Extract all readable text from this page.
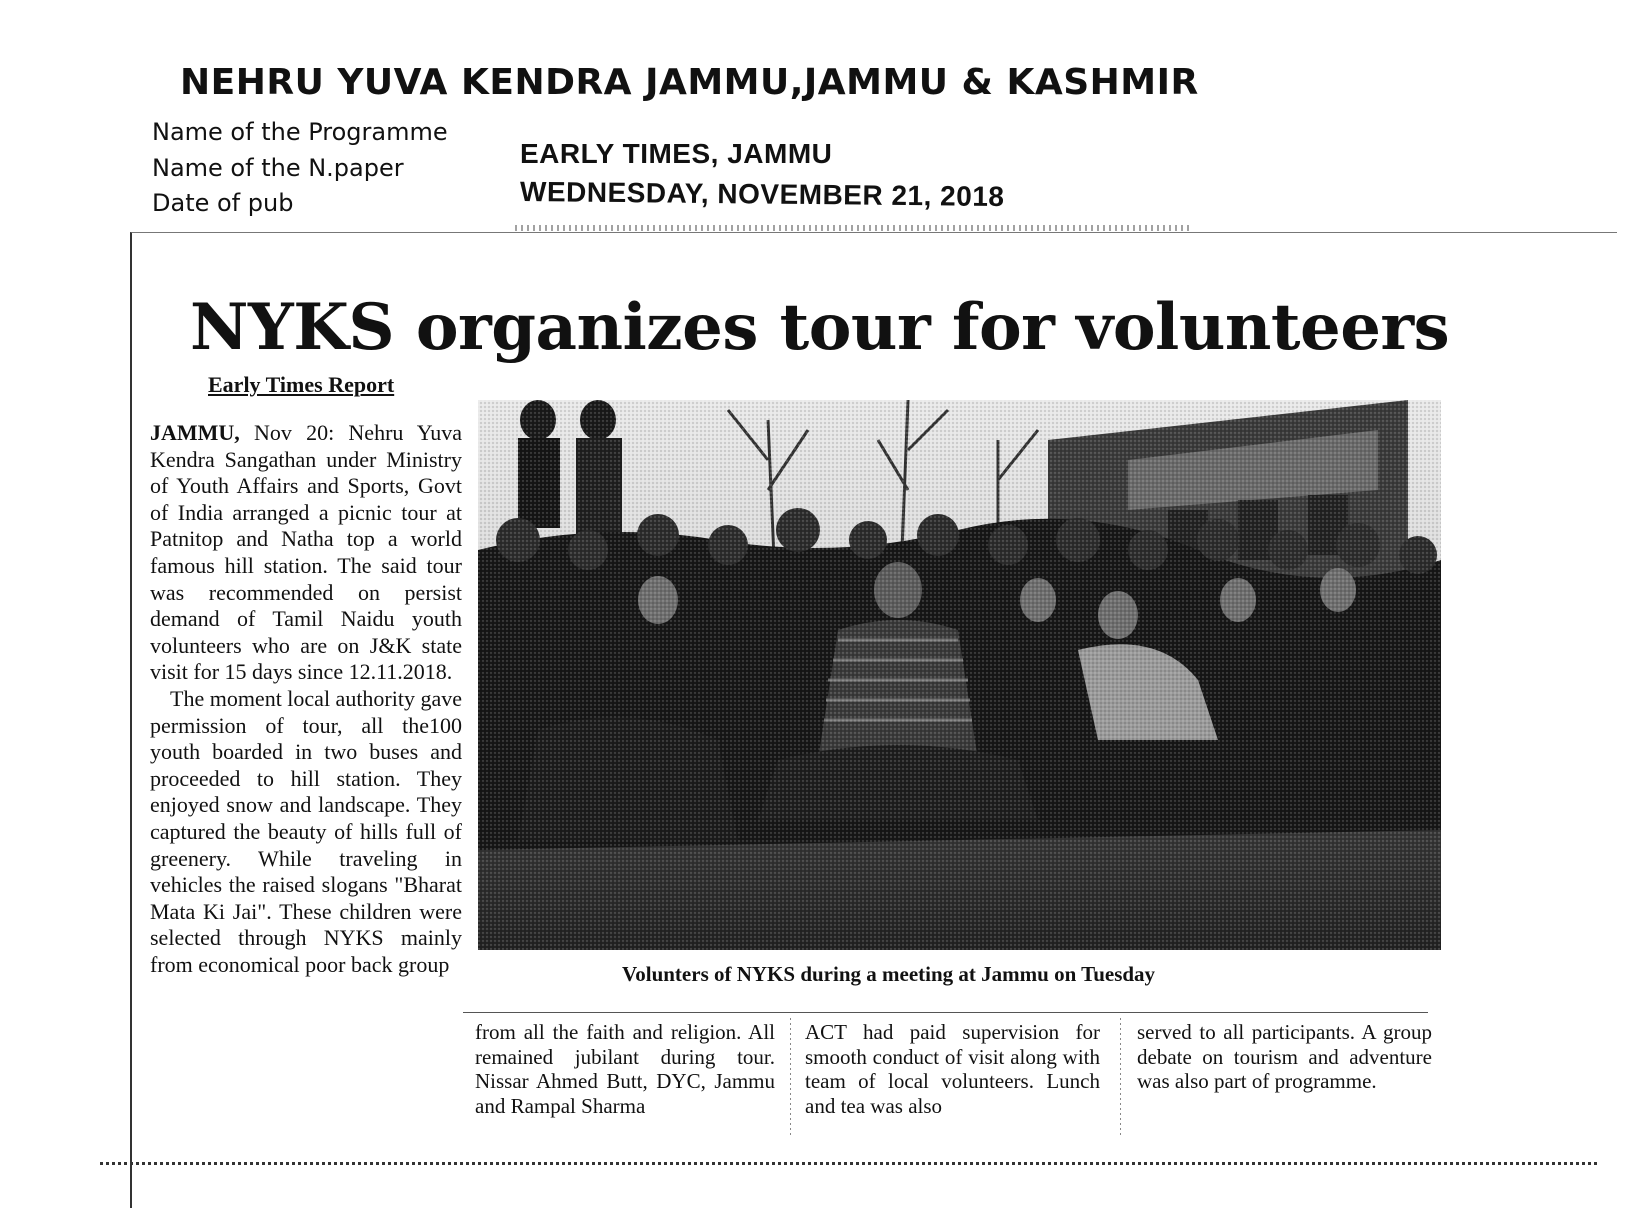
NEHRU YUVA KENDRA JAMMU,JAMMU & KASHMIR
Name of the Programme
Name of the N.paper
Date of pub
EARLY TIMES, JAMMU
WEDNESDAY, NOVEMBER 21, 2018
NYKS organizes tour for volunteers
Early Times Report

JAMMU, Nov 20: Nehru Yuva Kendra Sangathan under Ministry of Youth Affairs and Sports, Govt of India arranged a picnic tour at Patnitop and Natha top a world famous hill station. The said tour was recommended on persist demand of Tamil Naidu youth volunteers who are on J&K state visit for 15 days since 12.11.2018.

The moment local authority gave permission of tour, all the100 youth boarded in two buses and proceeded to hill station. They enjoyed snow and landscape. They captured the beauty of hills full of greenery. While traveling in vehicles the raised slogans "Bharat Mata Ki Jai". These children were selected through NYKS mainly from economical poor back group	Volunters of NYKS during a meeting at Jammu on Tuesday
from all the faith and religion. All remained jubilant during tour. Nissar Ahmed Butt, DYC, Jammu and Rampal Sharma
ACT had paid supervision for smooth conduct of visit along with team of local volunteers. Lunch and tea was also
served to all participants. A group debate on tourism and adventure was also part of programme.
